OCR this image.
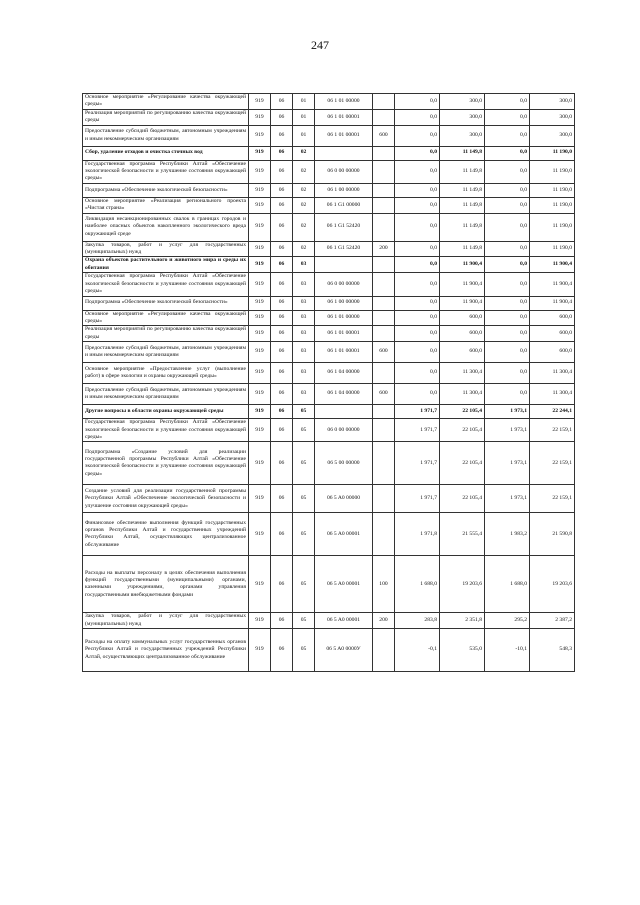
247
Основное мероприятие «Регулирование качества окружающей среды»	919	06	01	06 1 01 00000		0,0	300,0	0,0	300,0
Реализация мероприятий по регулированию качества окружающей среды	919	06	01	06 1 01 00001		0,0	300,0	0,0	300,0
Предоставление субсидий бюджетным, автономным учреждениям и иным некоммерческим организациям	919	06	01	06 1 01 00001	600	0,0	300,0	0,0	300,0
Сбор, удаление отходов и очистка сточных вод	919	06	02			0,0	11 149,8	0,0	11 190,0
Государственная программа Республики Алтай «Обеспечение экологической безопасности и улучшение состояния окружающей среды»	919	06	02	06 0 00 00000		0,0	11 149,8	0,0	11 190,0
Подпрограмма «Обеспечение экологической безопасности»	919	06	02	06 1 00 00000		0,0	11 149,8	0,0	11 190,0
Основное мероприятие «Реализация регионального проекта «Чистая страна»	919	06	02	06 1 G1 00000		0,0	11 149,8	0,0	11 190,0
Ликвидация несанкционированных свалок в границах городов и наиболее опасных объектов накопленного экологического вреда окружающей среде	919	06	02	06 1 G1 52420		0,0	11 149,8	0,0	11 190,0
Закупка товаров, работ и услуг для государственных (муниципальных) нужд	919	06	02	06 1 G1 52420	200	0,0	11 149,8	0,0	11 190,0
Охрана объектов растительного и животного мира и среды их обитания	919	06	03			0,0	11 900,4	0,0	11 900,4
Государственная программа Республики Алтай «Обеспечение экологической безопасности и улучшение состояния окружающей среды»	919	06	03	06 0 00 00000		0,0	11 900,4	0,0	11 900,4
Подпрограмма «Обеспечение экологической безопасности»	919	06	03	06 1 00 00000		0,0	11 900,4	0,0	11 900,4
Основное мероприятие «Регулирование качества окружающей среды»	919	06	03	06 1 01 00000		0,0	600,0	0,0	600,0
Реализация мероприятий по регулированию качества окружающей среды	919	06	03	06 1 01 00001		0,0	600,0	0,0	600,0
Предоставление субсидий бюджетным, автономным учреждениям и иным некоммерческим организациям	919	06	03	06 1 01 00001	600	0,0	600,0	0,0	600,0
Основное мероприятие «Предоставление услуг (выполнение работ) в сфере экологии и охраны окружающей среды»	919	06	03	06 1 04 00000		0,0	11 300,4	0,0	11 300,4
Предоставление субсидий бюджетным, автономным учреждениям и иным некоммерческим организациям	919	06	03	06 1 04 00000	600	0,0	11 300,4	0,0	11 300,4
Другие вопросы в области охраны окружающей среды	919	06	05			1 971,7	22 105,4	1 973,1	22 244,1
Государственная программа Республики Алтай «Обеспечение экологической безопасности и улучшение состояния окружающей среды»	919	06	05	06 0 00 00000		1 971,7	22 105,4	1 973,1	22 159,1
Подпрограмма «Создание условий для реализации государственной программы Республики Алтай «Обеспечение экологической безопасности и улучшение состояния окружающей среды»	919	06	05	06 5 00 00000		1 971,7	22 105,4	1 973,1	22 159,1
Создание условий для реализации государственной программы Республики Алтай «Обеспечение экологической безопасности и улучшение состояния окружающей среды»	919	06	05	06 5 A0 00000		1 971,7	22 105,4	1 973,1	22 159,1
Финансовое обеспечение выполнения функций государственных органов Республики Алтай и государственных учреждений Республики Алтай, осуществляющих централизованное обслуживание	919	06	05	06 5 A0 00001		1 971,8	21 555,4	1 983,2	21 590,8
Расходы на выплаты персоналу в целях обеспечения выполнения функций государственными (муниципальными) органами, казенными учреждениями, органами управления государственными внебюджетными фондами	919	06	05	06 5 A0 00001	100	1 688,0	19 203,6	1 688,0	19 203,6
Закупка товаров, работ и услуг для государственных (муниципальных) нужд	919	06	05	06 5 A0 00001	200	283,8	2 351,8	295,2	2 387,2
Расходы на оплату коммунальных услуг государственных органов Республики Алтай и государственных учреждений Республики Алтай, осуществляющих централизованное обслуживание	919	06	05	06 5 A0 0000У		-0,1	535,0	-10,1	548,3
